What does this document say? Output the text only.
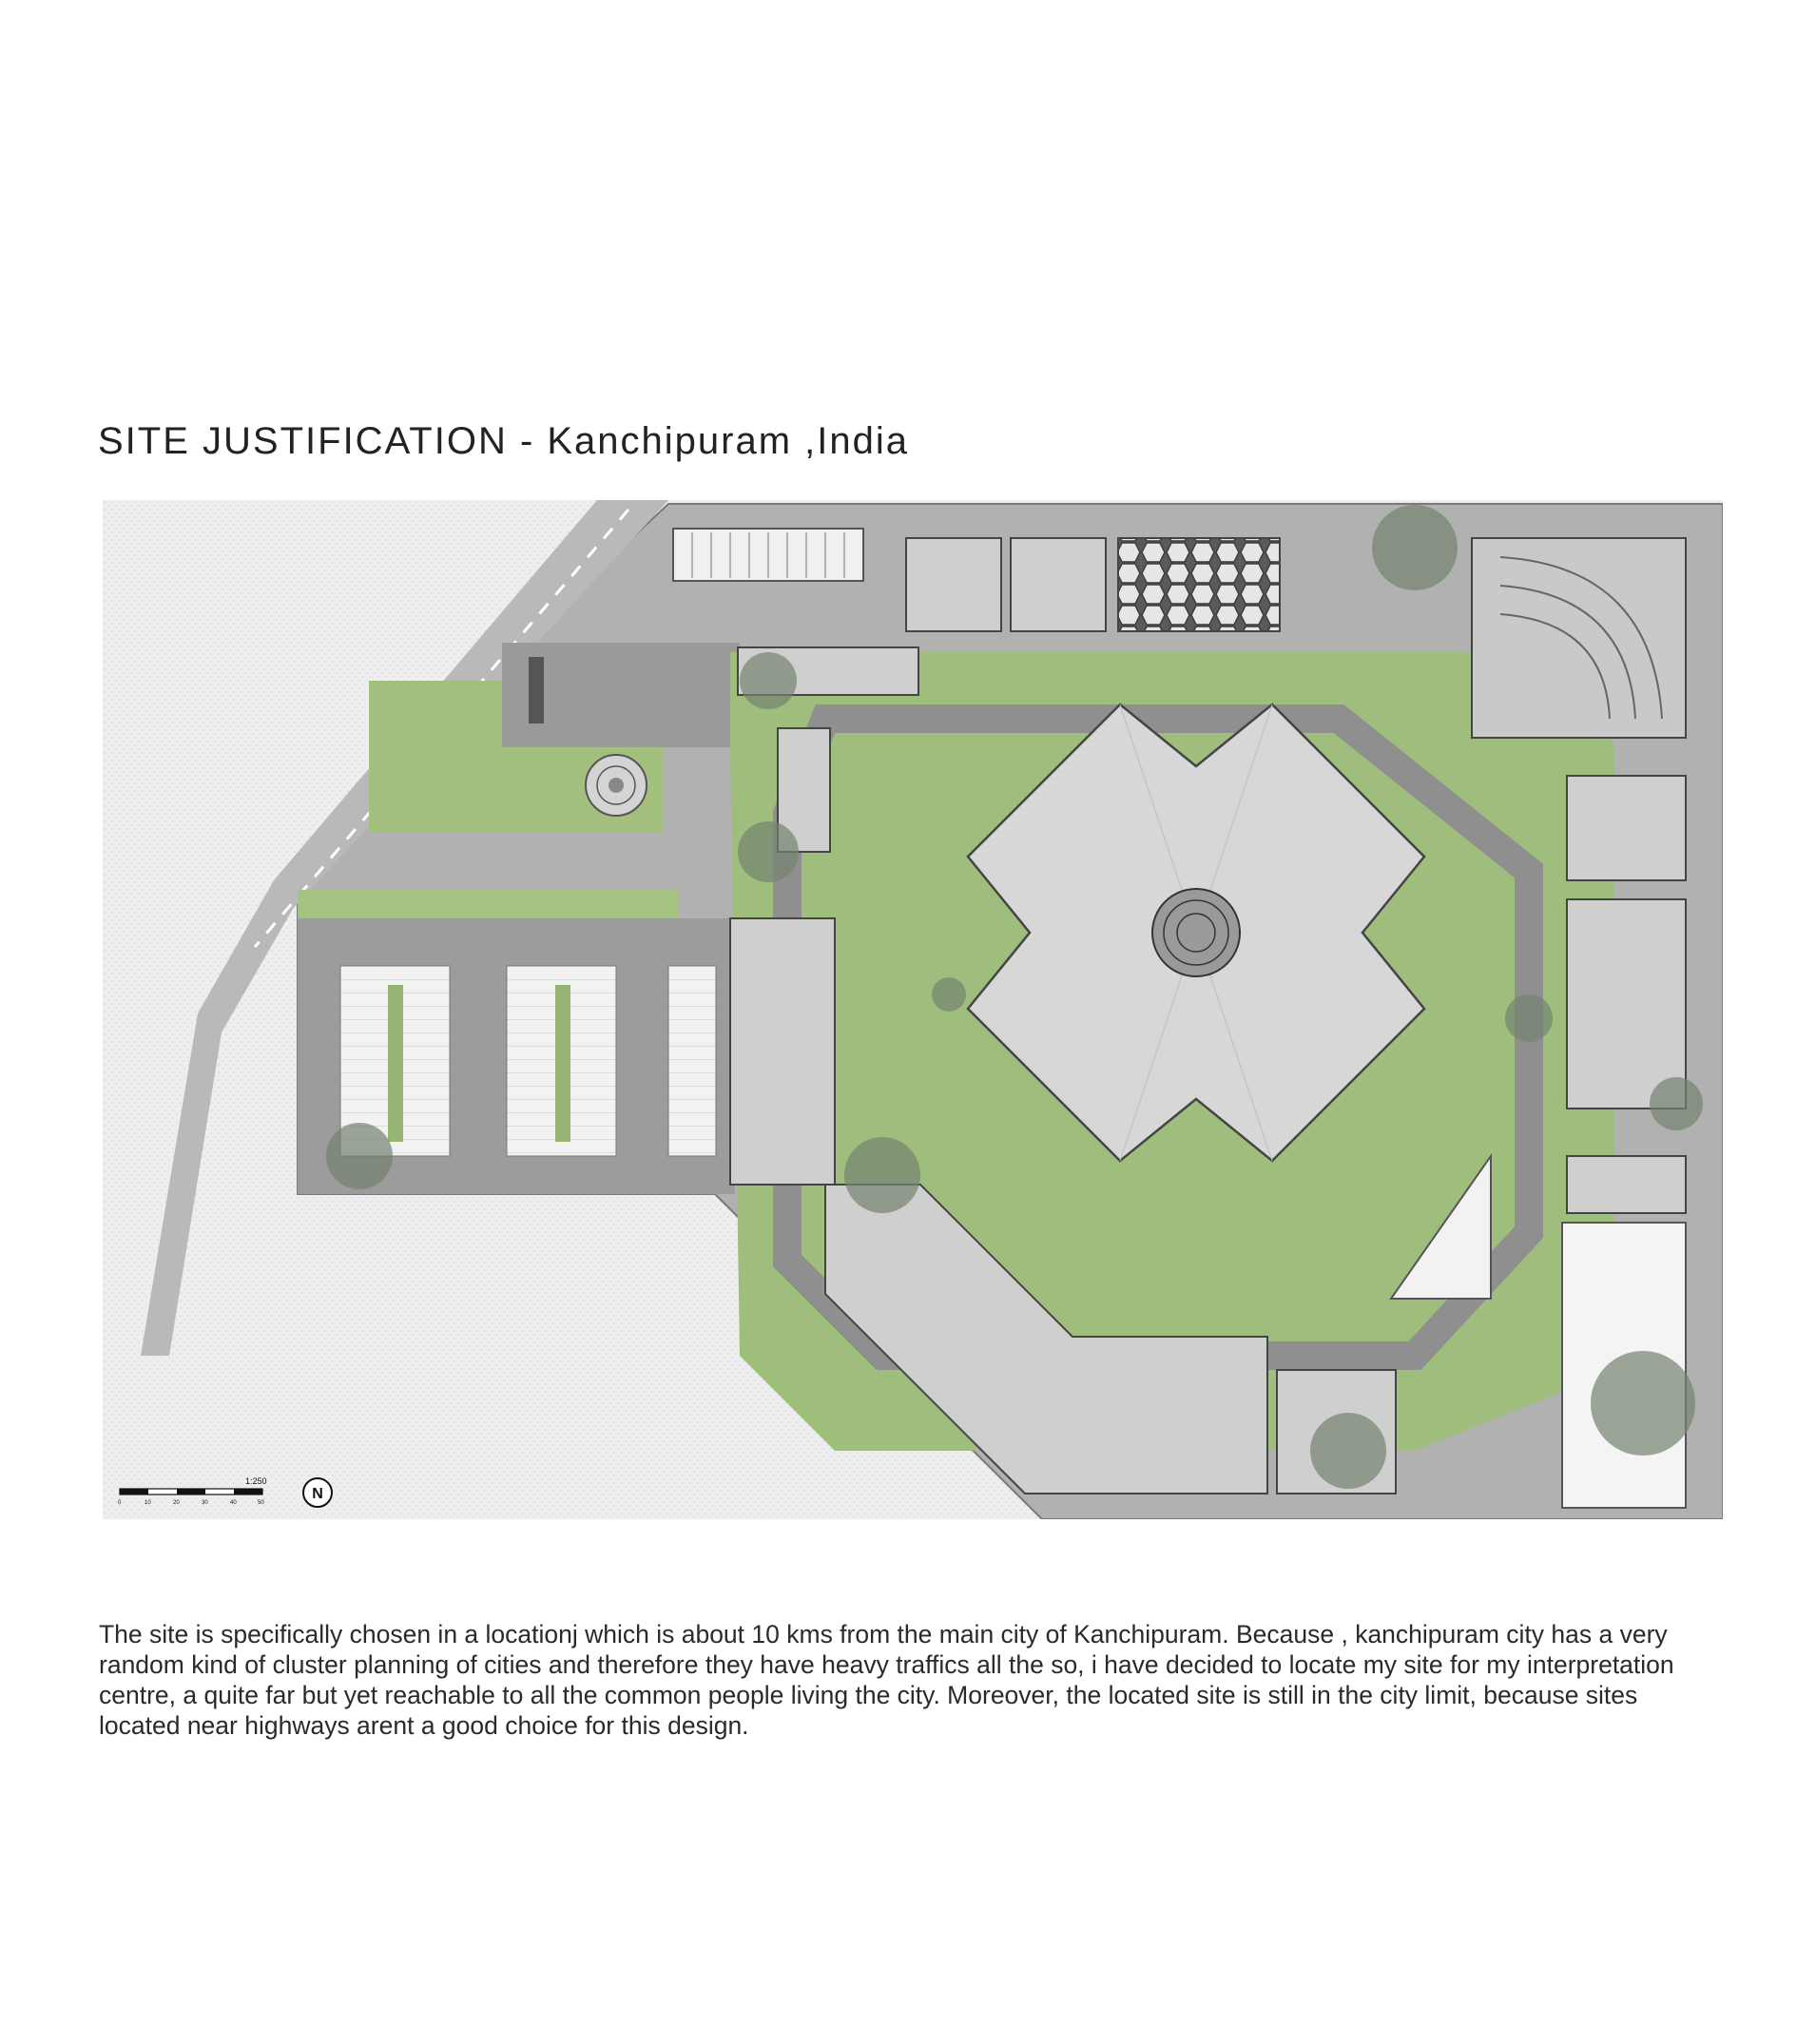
SITE JUSTIFICATION - Kanchipuram ,India
1:250
0	10	20	30	40	50
N

The site is specifically chosen in a locationj which is about 10 kms from the main city of Kanchipuram. Because , kanchipuram city has a very random kind of cluster planning of cities and therefore they have heavy traffics all the so, i have decided to locate my site for my interpretation centre, a quite far but yet reachable to all the common people living the city. Moreover, the located site is still in the city limit, because sites located near highways arent a good choice for this design.
